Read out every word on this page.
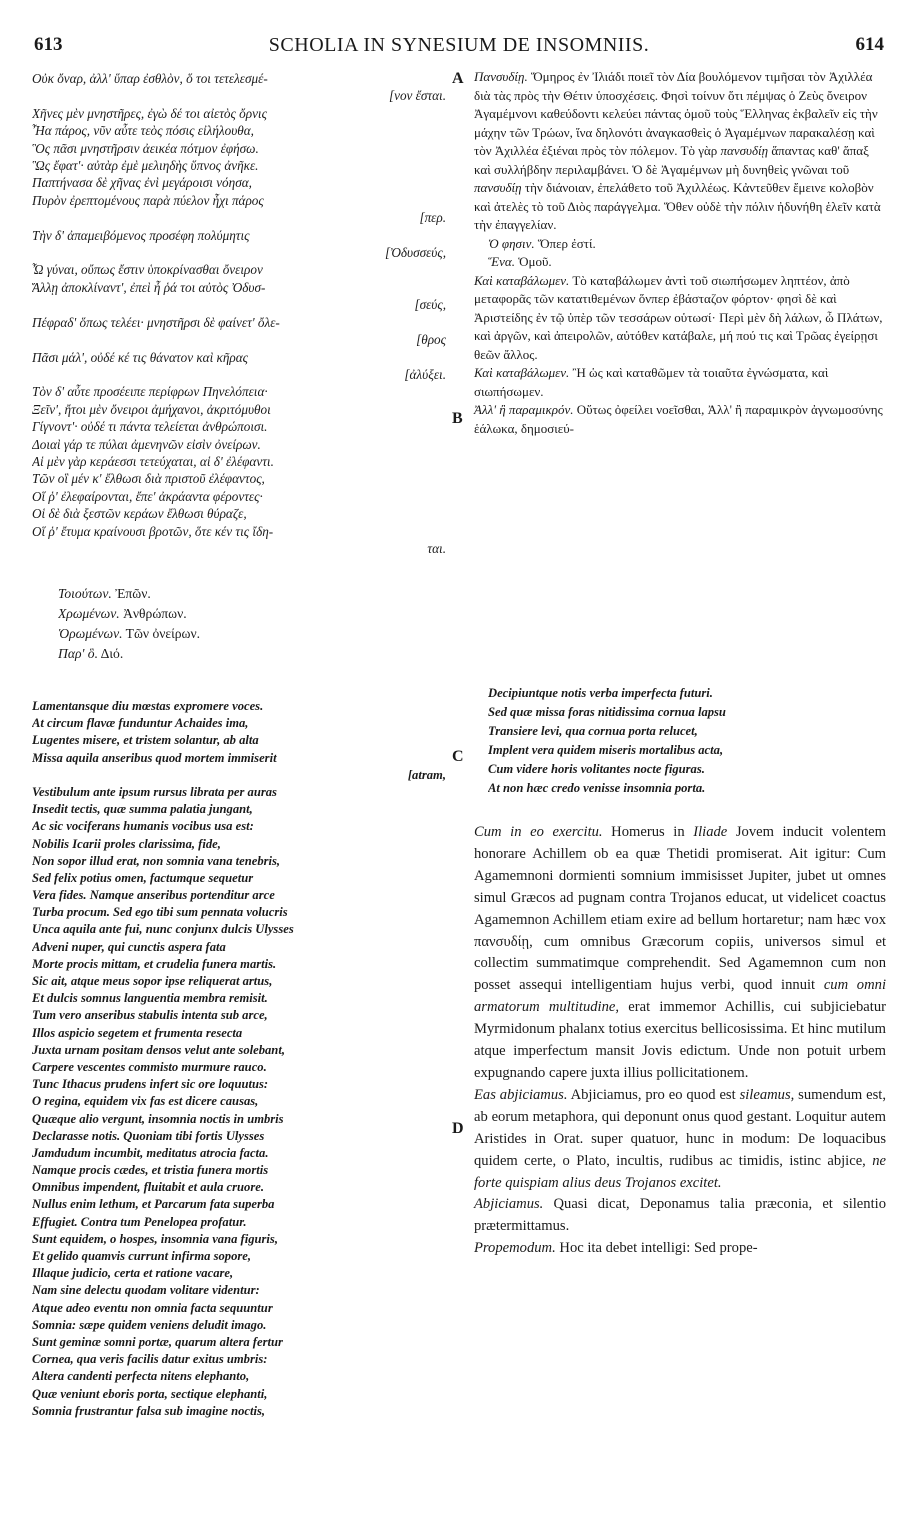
613	SCHOLIA IN SYNESIUM DE INSOMNIIS.	614
A
B
C
D
Οὐκ ὄναρ, ἀλλ' ὕπαρ ἐσθλὸν, ὅ τοι τετελεσμέ-
[νον ἔσται.
Χῆνες μὲν μνηστῆρες, ἐγὼ δέ τοι αἰετὸς ὄρνις
Ἦα πάρος, νῦν αὖτε τεὸς πόσις εἰλήλουθα,
Ὃς πᾶσι μνηστῆρσιν ἀεικέα πότμον ἐφήσω.
Ὣς ἔφατ'· αὐτὰρ ἐμὲ μελιηδὴς ὕπνος ἀνῆκε.
Παπτήνασα δὲ χῆνας ἐνὶ μεγάροισι νόησα,
Πυρὸν ἐρεπτομένους παρὰ πύελον ἧχι πάρος
[περ.
Τὴν δ' ἀπαμειβόμενος προσέφη πολύμητις
[Ὀδυσσεύς,
Ὦ γύναι, οὔπως ἔστιν ὑποκρίνασθαι ὄνειρον
Ἄλλῃ ἀποκλίναντ', ἐπεὶ ἦ ῥά τοι αὐτὸς Ὀδυσ-
[σεύς,
Πέφραδ' ὅπως τελέει· μνηστῆρσι δὲ φαίνετ' ὄλε-
[θρος
Πᾶσι μάλ', οὐδέ κέ τις θάνατον καὶ κῆρας
[ἀλύξει.
Τὸν δ' αὖτε προσέειπε περίφρων Πηνελόπεια·
Ξεῖν', ἤτοι μὲν ὄνειροι ἀμήχανοι, ἀκριτόμυθοι
Γίγνοντ'· οὐδέ τι πάντα τελείεται ἀνθρώποισι.
Δοιαὶ γάρ τε πύλαι ἀμενηνῶν εἰσὶν ὀνείρων.
Αἱ μὲν γὰρ κεράεσσι τετεύχαται, αἱ δ' ἐλέφαντι.
Τῶν οἳ μέν κ' ἔλθωσι διὰ πριστοῦ ἐλέφαντος,
Οἵ ῥ' ἐλεφαίρονται, ἔπε' ἀκράαντα φέροντες·
Οἱ δὲ διὰ ξεστῶν κεράων ἔλθωσι θύραζε,
Οἵ ῥ' ἔτυμα κραίνουσι βροτῶν, ὅτε κέν τις ἴδη-
ται.
Τοιούτων. Ἐπῶν.
Χρωμένων. Ἀνθρώπων.
Ὁρωμένων. Τῶν ὀνείρων.
Παρ' ὃ. Διό.
Lamentansque diu mœstas expromere voces.
At circum flavæ funduntur Achaides ima,
Lugentes misere, et tristem solantur, ab alta
Missa aquila anseribus quod mortem immiserit
[atram,
Vestibulum ante ipsum rursus librata per auras
Insedit tectis, quæ summa palatia jungant,
Ac sic vociferans humanis vocibus usa est:
Nobilis Icarii proles clarissima, fide,
Non sopor illud erat, non somnia vana tenebris,
Sed felix potius omen, factumque sequetur
Vera fides. Namque anseribus portenditur arce
Turba procum. Sed ego tibi sum pennata volucris
Unca aquila ante fui, nunc conjunx dulcis Ulysses
Adveni nuper, qui cunctis aspera fata
Morte procis mittam, et crudelia funera martis.
Sic ait, atque meus sopor ipse reliquerat artus,
Et dulcis somnus languentia membra remisit.
Tum vero anseribus stabulis intenta sub arce,
Illos aspicio segetem et frumenta resecta
Juxta urnam positam densos velut ante solebant,
Carpere vescentes commisto murmure rauco.
Tunc Ithacus prudens infert sic ore loquutus:
O regina, equidem vix fas est dicere causas,
Quæque alio vergunt, insomnia noctis in umbris
Declarasse notis. Quoniam tibi fortis Ulysses
Jamdudum incumbit, meditatus atrocia facta.
Namque procis cædes, et tristia funera mortis
Omnibus impendent, fluitabit et aula cruore.
Nullus enim lethum, et Parcarum fata superba
Effugiet. Contra tum Penelopea profatur.
Sunt equidem, o hospes, insomnia vana figuris,
Et gelido quamvis currunt infirma sopore,
Illaque judicio, certa et ratione vacare,
Nam sine delectu quodam volitare videntur:
Atque adeo eventu non omnia facta sequuntur
Somnia: sæpe quidem veniens deludit imago.
Sunt geminæ somni portæ, quarum altera fertur
Cornea, qua veris facilis datur exitus umbris:
Altera candenti perfecta nitens elephanto,
Quæ veniunt eboris porta, sectique elephanti,
Somnia frustrantur falsa sub imagine noctis,

Πανσυδίῃ. Ὅμηρος ἐν Ἰλιάδι ποιεῖ τὸν Δία βουλόμενον τιμῆσαι τὸν Ἀχιλλέα διὰ τὰς πρὸς τὴν Θέτιν ὑποσχέσεις. Φησὶ τοίνυν ὅτι πέμψας ὁ Ζεὺς ὄνειρον Ἀγαμέμνονι καθεύδοντι κελεύει πάντας ὁμοῦ τοὺς Ἕλληνας ἐκβαλεῖν εἰς τὴν μάχην τῶν Τρώων, ἵνα δηλονότι ἀναγκασθεὶς ὁ Ἀγαμέμνων παρακαλέσῃ καὶ τὸν Ἀχιλλέα ἐξιέναι πρὸς τὸν πόλεμον. Τὸ γὰρ πανσυδίῃ ἅπαντας καθ' ἅπαξ καὶ συλλήβδην περιλαμβάνει. Ὁ δὲ Ἀγαμέμνων μὴ δυνηθεὶς γνῶναι τοῦ πανσυδίῃ τὴν διάνοιαν, ἐπελάθετο τοῦ Ἀχιλλέως. Κἀντεῦθεν ἔμεινε κολοβὸν καὶ ἀτελὲς τὸ τοῦ Διὸς παράγγελμα. Ὅθεν οὐδὲ τὴν πόλιν ἠδυνήθη ἑλεῖν κατὰ τὴν ἐπαγγελίαν.

Ὁ φησιν. Ὅπερ ἐστί.
Ἕνα. Ὁμοῦ.

Καὶ καταβάλωμεν. Τὸ καταβάλωμεν ἀντὶ τοῦ σιωπήσωμεν ληπτέον, ἀπὸ μεταφορᾶς τῶν κατατιθεμένων ὅνπερ ἐβάσταζον φόρτον· φησὶ δὲ καὶ Ἀριστείδης ἐν τῷ ὑπὲρ τῶν τεσσάρων οὑτωσί· Περὶ μὲν δὴ λάλων, ὦ Πλάτων, καὶ ἀργῶν, καὶ ἀπειρολῶν, αὐτόθεν κατάβαλε, μή πού τις καὶ Τρῶας ἐγείρῃσι θεῶν ἄλλος.

Καὶ καταβάλωμεν. Ἢ ὡς καὶ καταθῶμεν τὰ τοιαῦτα ἐγνώσματα, καὶ σιωπήσωμεν.

Ἀλλ' ἢ παραμικρόν. Οὕτως ὀφείλει νοεῖσθαι, Ἀλλ' ἢ παραμικρὸν ἀγνωμοσύνης ἑάλωκα, δημοσιεύ-

Decipiuntque notis verba imperfecta futuri.
Sed quæ missa foras nitidissima cornua lapsu
Transiere levi, qua cornua porta relucet,
Implent vera quidem miseris mortalibus acta,
Cum videre horis volitantes nocte figuras.
At non hæc credo venisse insomnia porta.

Cum in eo exercitu. Homerus in Iliade Jovem inducit volentem honorare Achillem ob ea quæ Thetidi promiserat. Ait igitur: Cum Agamemnoni dormienti somnium immisisset Jupiter, jubet ut omnes simul Græcos ad pugnam contra Trojanos educat, ut videlicet coactus Agamemnon Achillem etiam exire ad bellum hortaretur; nam hæc vox πανσυδίῃ, cum omnibus Græcorum copiis, universos simul et collectim summatimque comprehendit. Sed Agamemnon cum non posset assequi intelligentiam hujus verbi, quod innuit cum omni armatorum multitudine, erat immemor Achillis, cui subjiciebatur Myrmidonum phalanx totius exercitus bellicosissima. Et hinc mutilum atque imperfectum mansit Jovis edictum. Unde non potuit urbem expugnando capere juxta illius pollicitationem.

Eas abjiciamus. Abjiciamus, pro eo quod est sileamus, sumendum est, ab eorum metaphora, qui deponunt onus quod gestant. Loquitur autem Aristides in Orat. super quatuor, hunc in modum: De loquacibus quidem certe, o Plato, incultis, rudibus ac timidis, istinc abjice, ne forte quispiam alius deus Trojanos excitet.

Abjiciamus. Quasi dicat, Deponamus talia præconia, et silentio prætermittamus.

Propemodum. Hoc ita debet intelligi: Sed prope-
